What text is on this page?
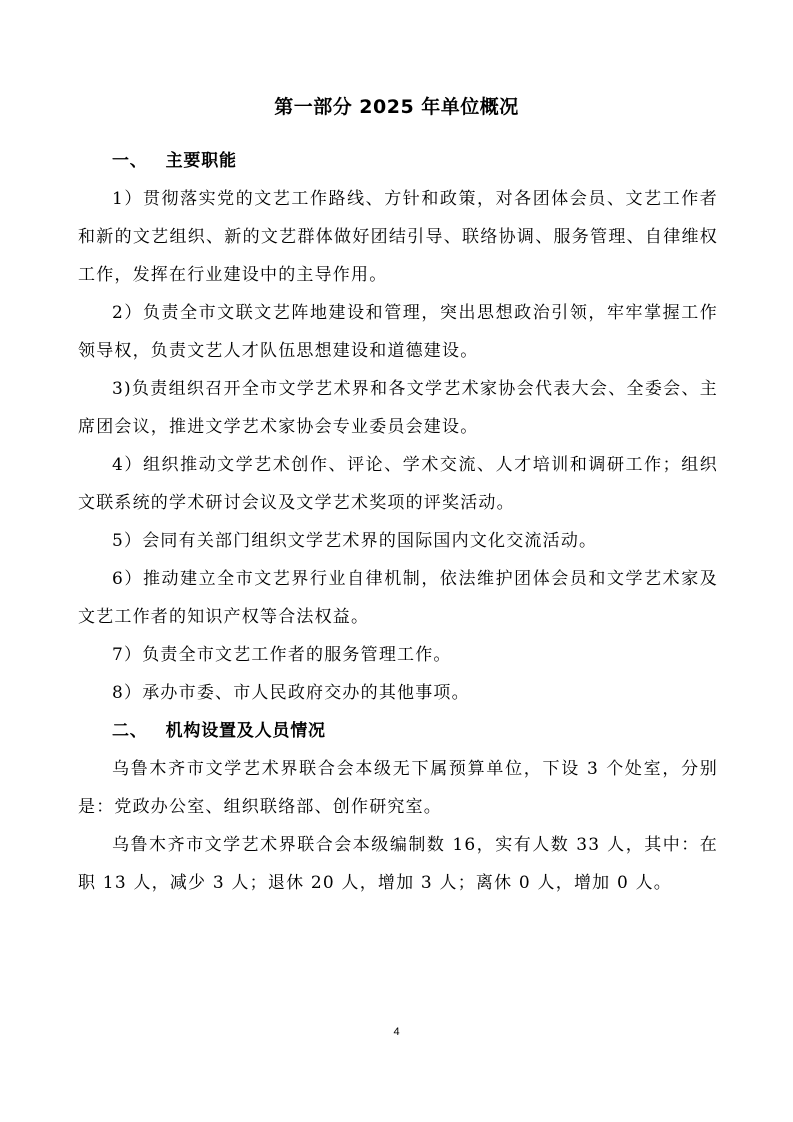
第一部分 2025 年单位概况

一、 主要职能

1）贯彻落实党的文艺工作路线、方针和政策，对各团体会员、文艺工作者和新的文艺组织、新的文艺群体做好团结引导、联络协调、服务管理、自律维权工作，发挥在行业建设中的主导作用。

2）负责全市文联文艺阵地建设和管理，突出思想政治引领，牢牢掌握工作领导权，负责文艺人才队伍思想建设和道德建设。

3)负责组织召开全市文学艺术界和各文学艺术家协会代表大会、全委会、主席团会议，推进文学艺术家协会专业委员会建设。

4）组织推动文学艺术创作、评论、学术交流、人才培训和调研工作；组织文联系统的学术研讨会议及文学艺术奖项的评奖活动。

5）会同有关部门组织文学艺术界的国际国内文化交流活动。

6）推动建立全市文艺界行业自律机制，依法维护团体会员和文学艺术家及文艺工作者的知识产权等合法权益。

7）负责全市文艺工作者的服务管理工作。

8）承办市委、市人民政府交办的其他事项。

二、 机构设置及人员情况

乌鲁木齐市文学艺术界联合会本级无下属预算单位，下设 3 个处室，分别是：党政办公室、组织联络部、创作研究室。

乌鲁木齐市文学艺术界联合会本级编制数 16，实有人数 33 人，其中：在职 13 人，减少 3 人；退休 20 人，增加 3 人；离休 0 人，增加 0 人。

4
